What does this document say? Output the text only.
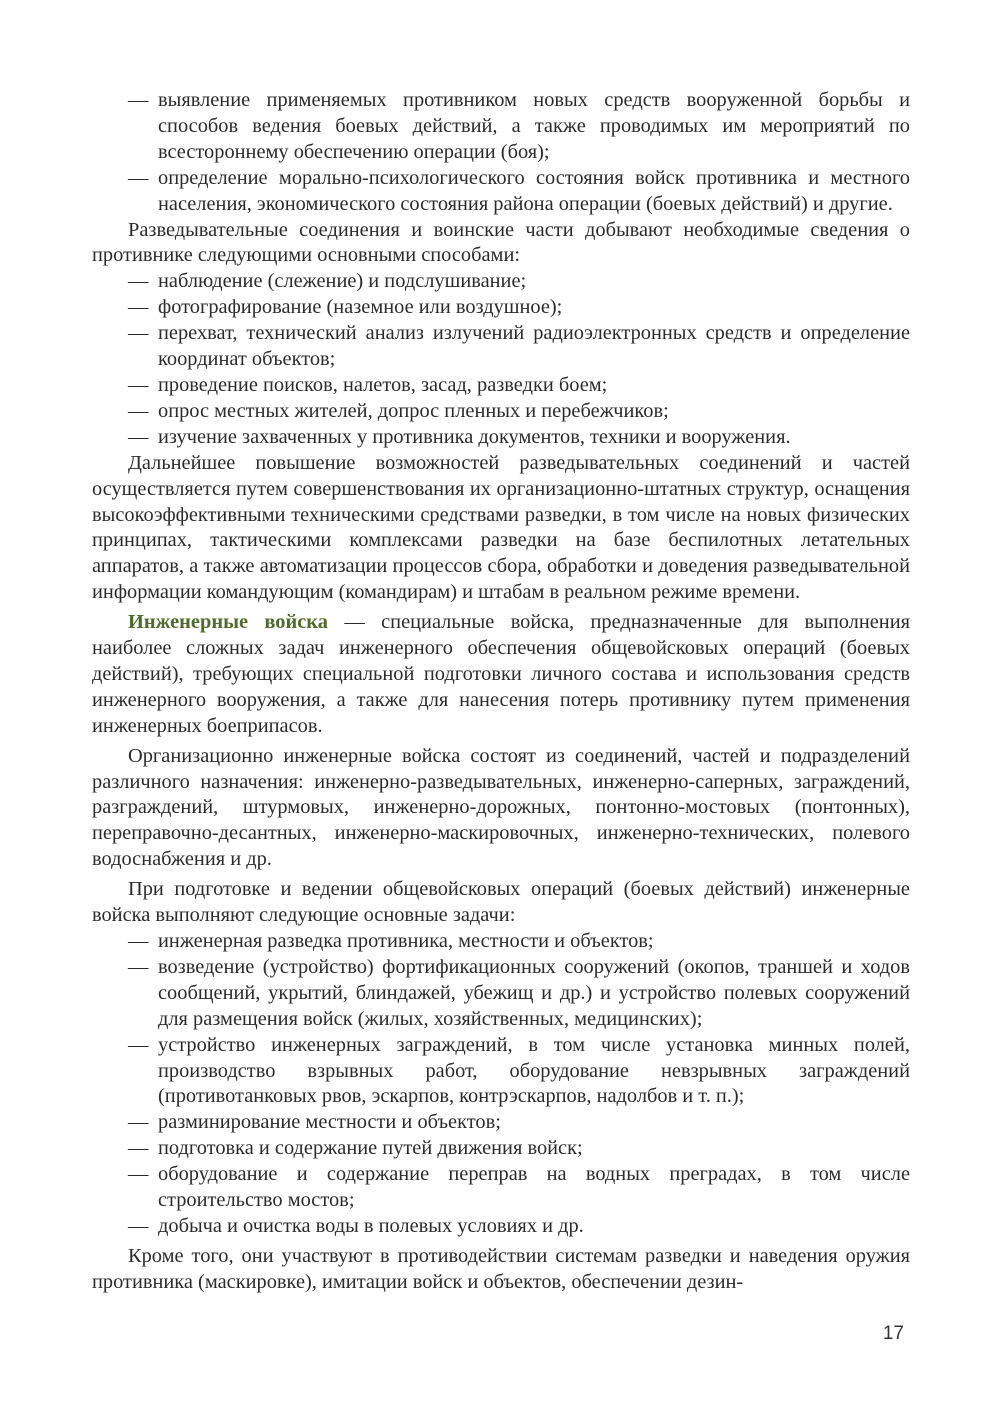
— выявление применяемых противником новых средств вооруженной борьбы и способов ведения боевых действий, а также проводимых им мероприятий по всестороннему обеспечению операции (боя);
— определение морально-психологического состояния войск противника и местного населения, экономического состояния района операции (боевых действий) и другие.
Разведывательные соединения и воинские части добывают необходимые сведения о противнике следующими основными способами:
— наблюдение (слежение) и подслушивание;
— фотографирование (наземное или воздушное);
— перехват, технический анализ излучений радиоэлектронных средств и определение координат объектов;
— проведение поисков, налетов, засад, разведки боем;
— опрос местных жителей, допрос пленных и перебежчиков;
— изучение захваченных у противника документов, техники и вооружения.
Дальнейшее повышение возможностей разведывательных соединений и частей осуществляется путем совершенствования их организационно-штатных структур, оснащения высокоэффективными техническими средствами разведки, в том числе на новых физических принципах, тактическими комплексами разведки на базе беспилотных летательных аппаратов, а также автоматизации процессов сбора, обработки и доведения разведывательной информации командующим (командирам) и штабам в реальном режиме времени.
Инженерные войска — специальные войска, предназначенные для выполнения наиболее сложных задач инженерного обеспечения общевойсковых операций (боевых действий), требующих специальной подготовки личного состава и использования средств инженерного вооружения, а также для нанесения потерь противнику путем применения инженерных боеприпасов.
Организационно инженерные войска состоят из соединений, частей и подразделений различного назначения: инженерно-разведывательных, инженерно-саперных, заграждений, разграждений, штурмовых, инженерно-дорожных, понтонно-мостовых (понтонных), переправочно-десантных, инженерно-маскировочных, инженерно-технических, полевого водоснабжения и др.
При подготовке и ведении общевойсковых операций (боевых действий) инженерные войска выполняют следующие основные задачи:
— инженерная разведка противника, местности и объектов;
— возведение (устройство) фортификационных сооружений (окопов, траншей и ходов сообщений, укрытий, блиндажей, убежищ и др.) и устройство полевых сооружений для размещения войск (жилых, хозяйственных, медицинских);
— устройство инженерных заграждений, в том числе установка минных полей, производство взрывных работ, оборудование невзрывных заграждений (противотанковых рвов, эскарпов, контрэскарпов, надолбов и т. п.);
— разминирование местности и объектов;
— подготовка и содержание путей движения войск;
— оборудование и содержание переправ на водных преградах, в том числе строительство мостов;
— добыча и очистка воды в полевых условиях и др.
Кроме того, они участвуют в противодействии системам разведки и наведения оружия противника (маскировке), имитации войск и объектов, обеспечении дезин-
17
